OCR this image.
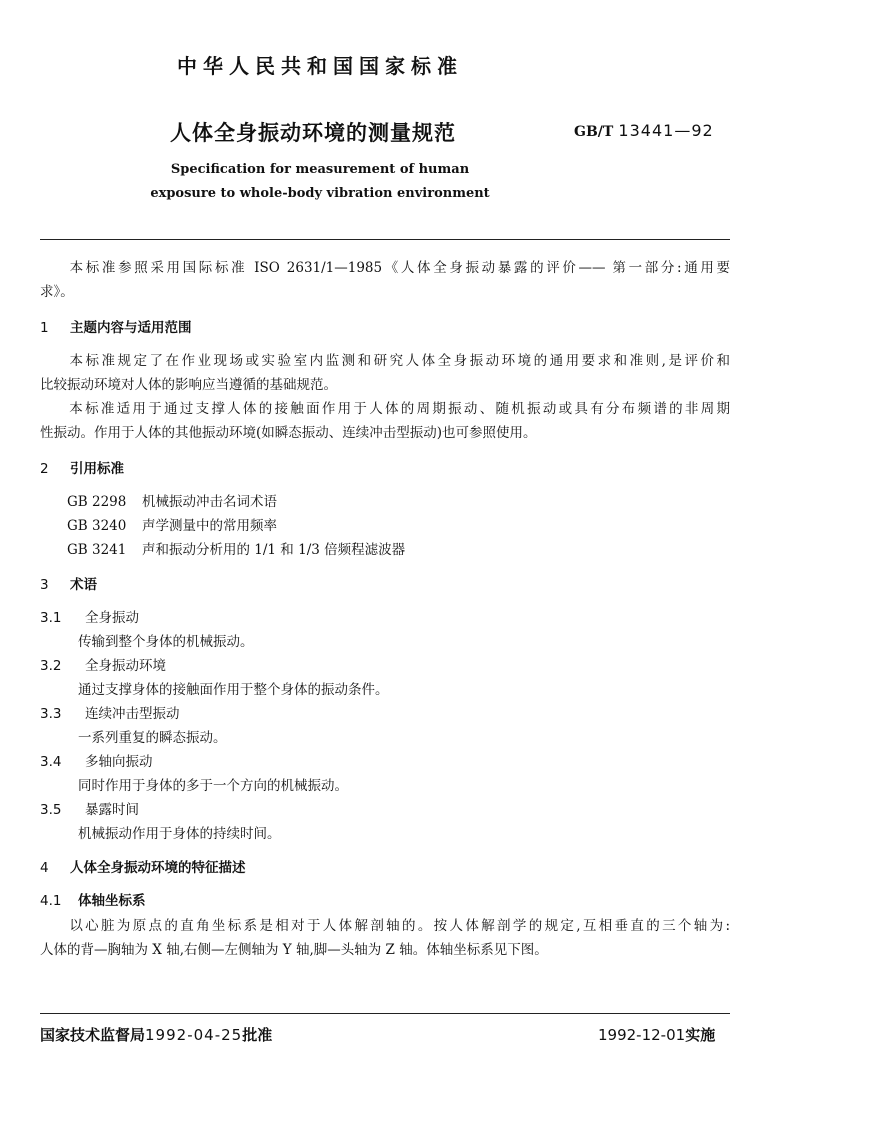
中华人民共和国国家标准
人体全身振动环境的测量规范	GB/T 13441—92
Specification for measurement of human
exposure to whole-body vibration environment
本标准参照采用国际标准 ISO 2631/1—1985《人体全身振动暴露的评价—— 第一部分:通用要
求》。
1 主题内容与适用范围
本标准规定了在作业现场或实验室内监测和研究人体全身振动环境的通用要求和准则,是评价和
比较振动环境对人体的影响应当遵循的基础规范。
本标准适用于通过支撑人体的接触面作用于人体的周期振动、随机振动或具有分布频谱的非周期
性振动。作用于人体的其他振动环境(如瞬态振动、连续冲击型振动)也可参照使用。
2 引用标准
GB 2298 机械振动冲击名词术语
GB 3240 声学测量中的常用频率
GB 3241 声和振动分析用的 1/1 和 1/3 倍频程滤波器
3 术语
3.1 全身振动
传输到整个身体的机械振动。
3.2 全身振动环境
通过支撑身体的接触面作用于整个身体的振动条件。
3.3 连续冲击型振动
一系列重复的瞬态振动。
3.4 多轴向振动
同时作用于身体的多于一个方向的机械振动。
3.5 暴露时间
机械振动作用于身体的持续时间。
4 人体全身振动环境的特征描述
4.1 体轴坐标系
以心脏为原点的直角坐标系是相对于人体解剖轴的。按人体解剖学的规定,互相垂直的三个轴为:
人体的背—胸轴为 X 轴,右侧—左侧轴为 Y 轴,脚—头轴为 Z 轴。体轴坐标系见下图。
国家技术监督局1992-04-25批准	1992-12-01实施
